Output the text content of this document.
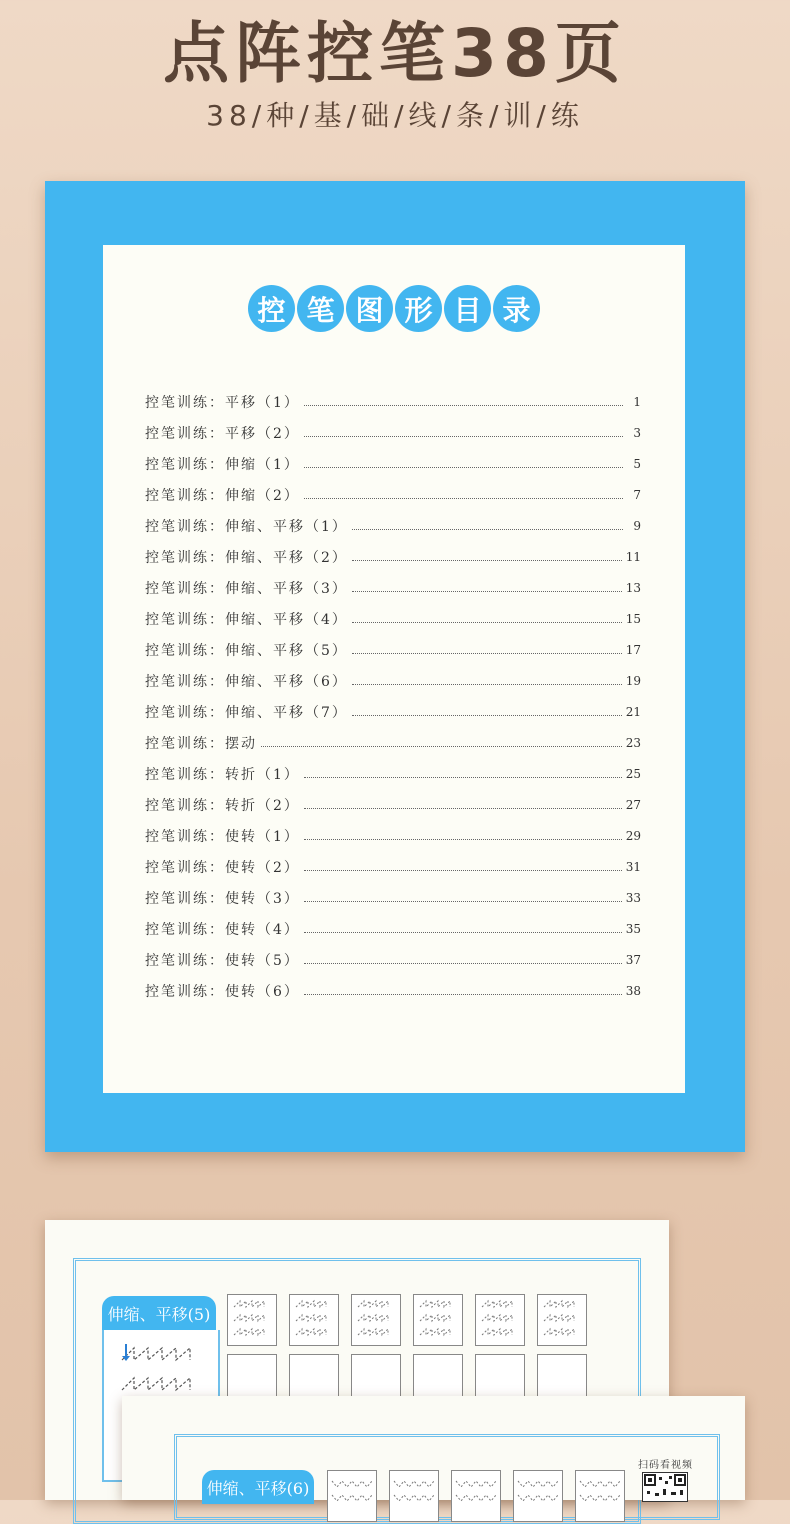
点阵控笔38页
38/种/基/础/线/条/训/练
控 笔 图 形 目 录
控笔训练：平移（1）	1
控笔训练：平移（2）	3
控笔训练：伸缩（1）	5
控笔训练：伸缩（2）	7
控笔训练：伸缩、平移（1）	9
控笔训练：伸缩、平移（2）	11
控笔训练：伸缩、平移（3）	13
控笔训练：伸缩、平移（4）	15
控笔训练：伸缩、平移（5）	17
控笔训练：伸缩、平移（6）	19
控笔训练：伸缩、平移（7）	21
控笔训练：摆动	23
控笔训练：转折（1）	25
控笔训练：转折（2）	27
控笔训练：使转（1）	29
控笔训练：使转（2）	31
控笔训练：使转（3）	33
控笔训练：使转（4）	35
控笔训练：使转（5）	37
控笔训练：使转（6）	38
伸缩、平移(5)
伸缩、平移(6)
扫码看视频
